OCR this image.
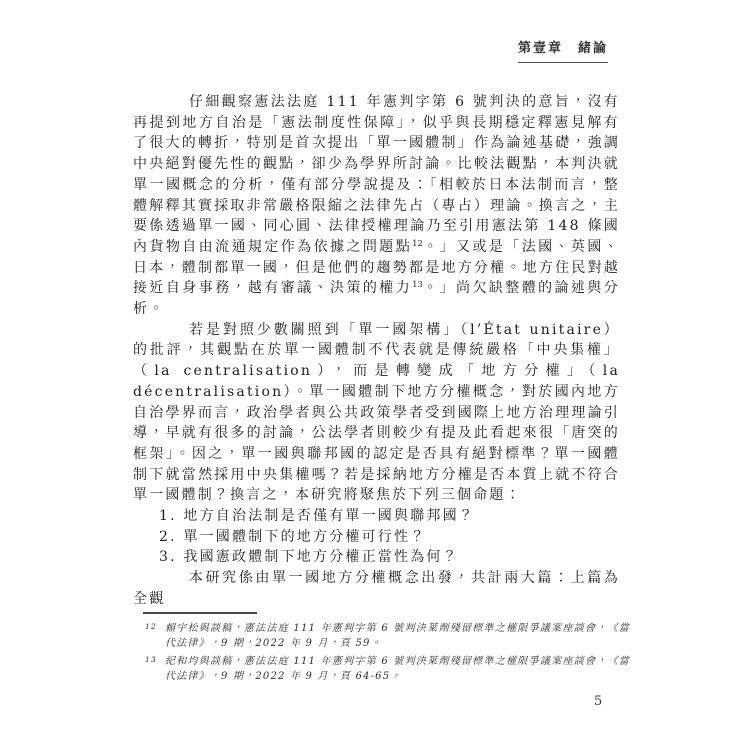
第壹章　緒論

仔細觀察憲法法庭 111 年憲判字第 6 號判決的意旨，沒有再提到地方自治是「憲法制度性保障」，似乎與長期穩定釋憲見解有了很大的轉折，特別是首次提出「單一國體制」作為論述基礎，強調中央絕對優先性的觀點，卻少為學界所討論。比較法觀點，本判決就單一國概念的分析，僅有部分學說提及：「相較於日本法制而言，整體解釋其實採取非常嚴格限縮之法律先占（專占）理論。換言之，主要係透過單一國、同心圓、法律授權理論乃至引用憲法第 148 條國內貨物自由流通規定作為依據之問題點$^{12}$。」又或是「法國、英國、日本，體制都單一國，但是他們的趨勢都是地方分權。地方住民對越接近自身事務，越有審議、決策的權力$^{13}$。」尚欠缺整體的論述與分析。

若是對照少數關照到「單一國架構」（l’État unitaire）的批評，其觀點在於單一國體制不代表就是傳統嚴格「中央集權」（la centralisation），而是轉變成「地方分權」（la décentralisation）。單一國體制下地方分權概念，對於國內地方自治學界而言，政治學者與公共政策學者受到國際上地方治理理論引導，早就有很多的討論，公法學者則較少有提及此看起來很「唐突的框架」。因之，單一國與聯邦國的認定是否具有絕對標準？單一國體制下就當然採用中央集權嗎？若是採納地方分權是否本質上就不符合單一國體制？換言之，本研究將聚焦於下列三個命題：

1. 地方自治法制是否僅有單一國與聯邦國？

2. 單一國體制下的地方分權可行性？

3. 我國憲政體制下地方分權正當性為何？

本研究係由單一國地方分權概念出發，共計兩大篇：上篇為全觀

12 賴宇松與談稿，憲法法庭 111 年憲判字第 6 號判決萊劑殘留標準之權限爭議案座談會，《當代法律》，9 期，2022 年 9 月，頁 59。
13 紀和均與談稿，憲法法庭 111 年憲判字第 6 號判決萊劑殘留標準之權限爭議案座談會，《當代法律》，9 期，2022 年 9 月，頁 64-65。
5
